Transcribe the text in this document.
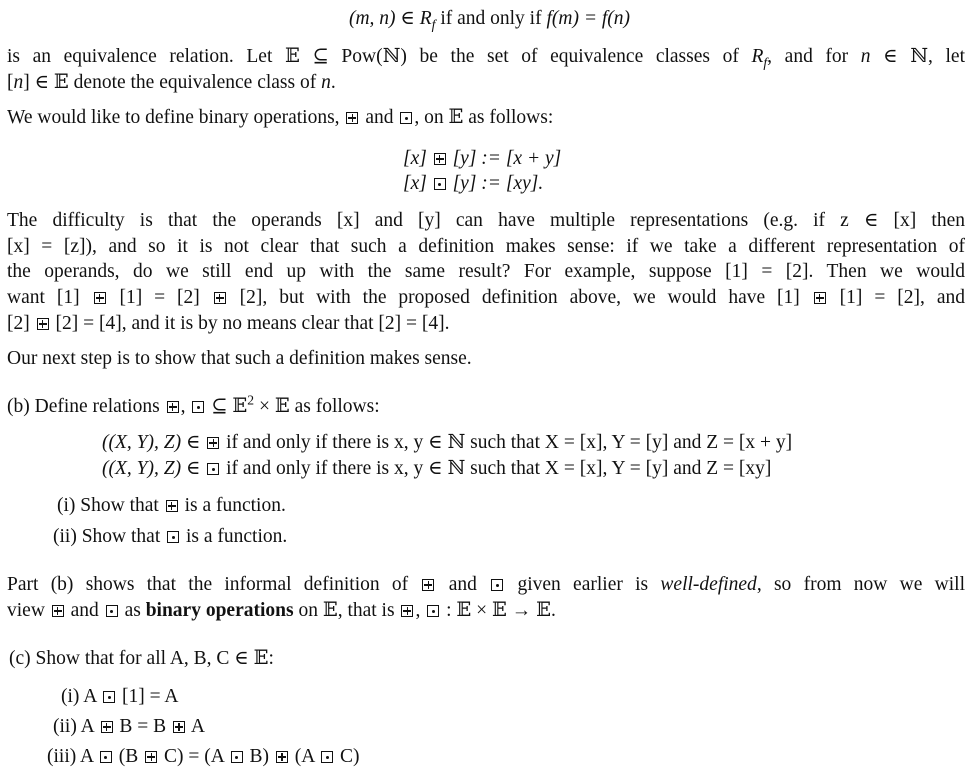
(m, n) ∈ $R_f$ if and only if f(m) = f(n)
is an equivalence relation. Let 𝔼 ⊆ Pow(ℕ) be the set of equivalence classes of $R_f$, and for n ∈ ℕ, let
[n] ∈ 𝔼 denote the equivalence class of n.
We would like to define binary operations,  and , on 𝔼 as follows:
[x]  [y] := [x + y]
[x]  [y] := [xy].
The difficulty is that the operands [x] and [y] can have multiple representations (e.g. if z ∈ [x] then
[x] = [z]), and so it is not clear that such a definition makes sense: if we take a different representation of
the operands, do we still end up with the same result? For example, suppose [1] = [2]. Then we would
want [1]  [1] = [2]  [2], but with the proposed definition above, we would have [1]  [1] = [2], and
[2]  [2] = [4], and it is by no means clear that [2] = [4].
Our next step is to show that such a definition makes sense.
(b) Define relations ,  ⊆ 𝔼$^2$ × 𝔼 as follows:
((X, Y), Z) ∈  if and only if there is x, y ∈ ℕ such that X = [x], Y = [y] and Z = [x + y]
((X, Y), Z) ∈  if and only if there is x, y ∈ ℕ such that X = [x], Y = [y] and Z = [xy]
(i) Show that  is a function.
(ii) Show that  is a function.
Part (b) shows that the informal definition of  and  given earlier is well-defined, so from now we will
view  and  as binary operations on 𝔼, that is ,  : 𝔼 × 𝔼 → 𝔼.
(c) Show that for all A, B, C ∈ 𝔼:
(i) A  [1] = A
(ii) A  B = B  A
(iii) A  (B  C) = (A  B)  (A  C)
